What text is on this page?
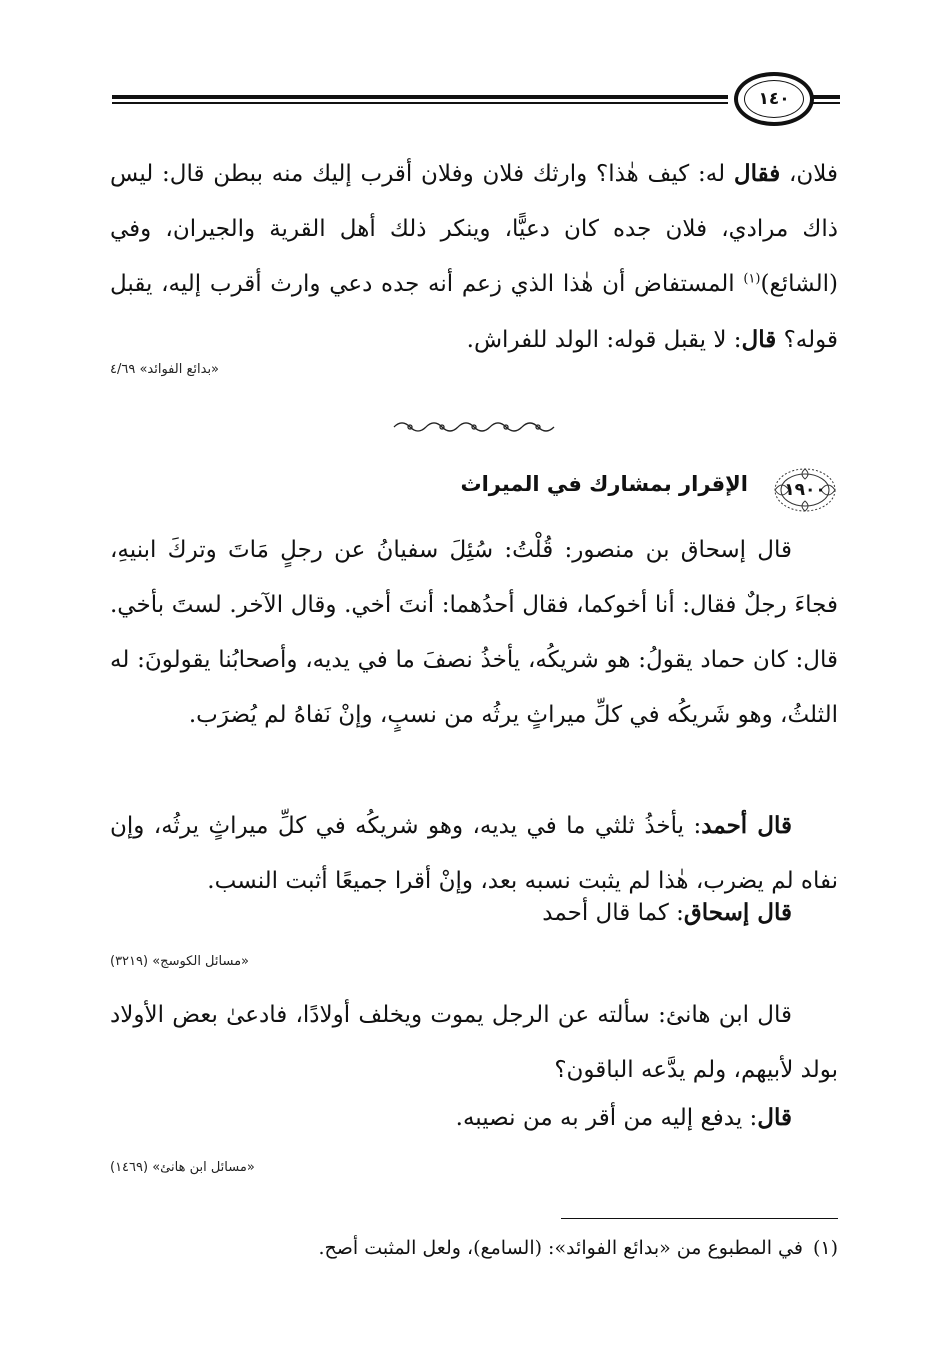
١٤٠

فلان، فقال له: كيف هٰذا؟ وارثك فلان وفلان أقرب إليك منه ببطن قال: ليس ذاك مرادي، فلان جده كان دعيًّا، وينكر ذلك أهل القرية والجيران، وفي (الشائع)$^{(١)}$ المستفاض أن هٰذا الذي زعم أنه جده دعي وارث أقرب إليه، يقبل قوله؟ قال: لا يقبل قوله: الولد للفراش.

«بدائع الفوائد» ٤/٦٩
١٩٠٠
الإقرار بمشارك في الميراث

قال إسحاق بن منصور: قُلْتُ: سُئِلَ سفيانُ عن رجلٍ مَاتَ وتركَ ابنيهِ، فجاءَ رجلٌ فقال: أنا أخوكما، فقال أحدُهما: أنتَ أخي. وقال الآخر. لستَ بأخي. قال: كان حماد يقولُ: هو شريكُه، يأخذُ نصفَ ما في يديه، وأصحابُنا يقولونَ: له الثلثُ، وهو شَريكُه في كلِّ ميراثٍ يرثُه من نسبٍ، وإنْ نَفاهُ لم يُضرَب.

قال أحمد: يأخذُ ثلثي ما في يديه، وهو شريكُه في كلِّ ميراثٍ يرثُه، وإن نفاه لم يضرب، هٰذا لم يثبت نسبه بعد، وإنْ أقرا جميعًا أثبت النسب.

قال إسحاق: كما قال أحمد

«مسائل الكوسج» (٣٢١٩)

قال ابن هانئ: سألته عن الرجل يموت ويخلف أولادًا، فادعىٰ بعض الأولاد بولد لأبيهم، ولم يدَّعه الباقون؟

قال: يدفع إليه من أقر به من نصيبه.

«مسائل ابن هانئ» (١٤٦٩)
(١)في المطبوع من «بدائع الفوائد»: (السامع)، ولعل المثبت أصح.
